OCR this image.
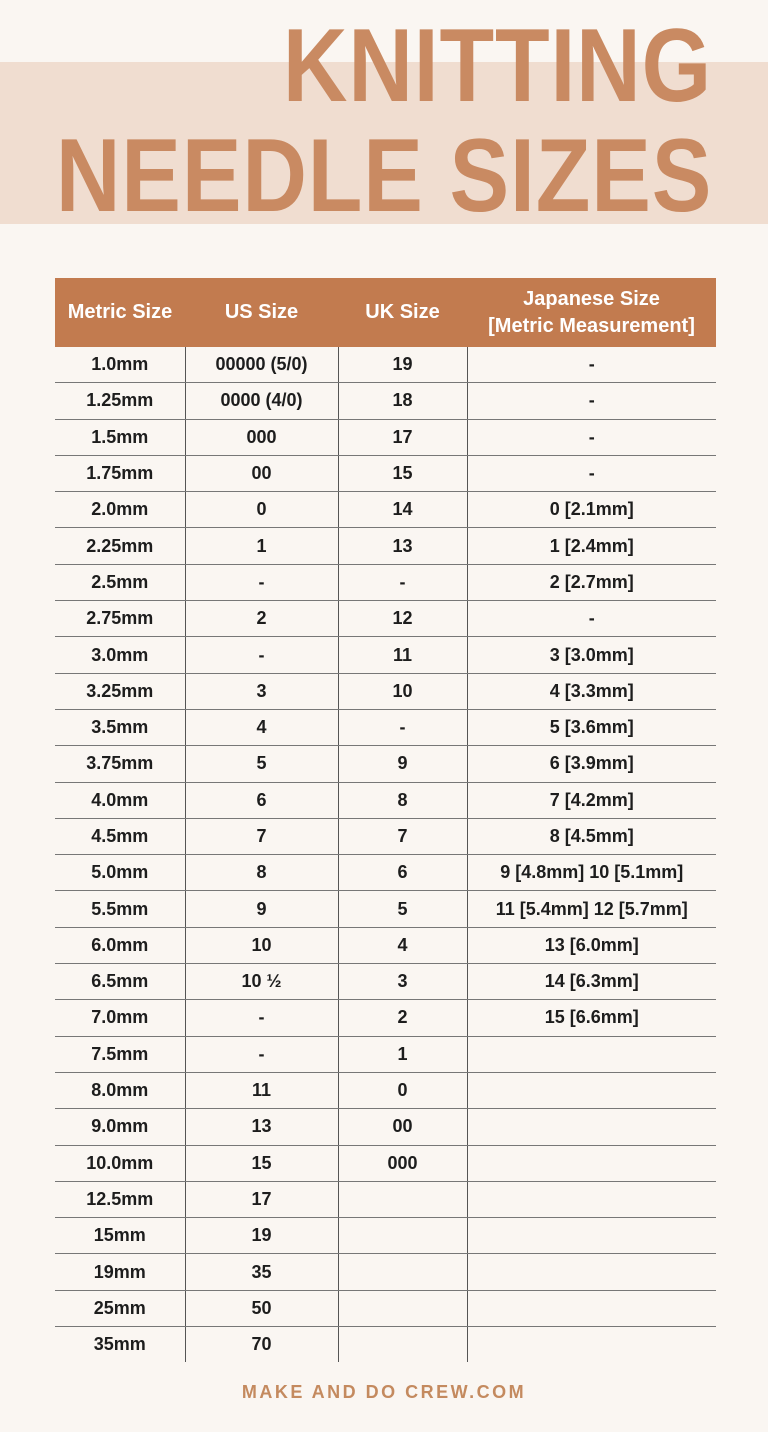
KNITTING
NEEDLE SIZES
Metric Size	US Size	UK Size	Japanese Size
[Metric Measurement]
1.0mm	00000 (5/0)	19	-
1.25mm	0000 (4/0)	18	-
1.5mm	000	17	-
1.75mm	00	15	-
2.0mm	0	14	0 [2.1mm]
2.25mm	1	13	1 [2.4mm]
2.5mm	-	-	2 [2.7mm]
2.75mm	2	12	-
3.0mm	-	11	3 [3.0mm]
3.25mm	3	10	4 [3.3mm]
3.5mm	4	-	5 [3.6mm]
3.75mm	5	9	6 [3.9mm]
4.0mm	6	8	7 [4.2mm]
4.5mm	7	7	8 [4.5mm]
5.0mm	8	6	9 [4.8mm] 10 [5.1mm]
5.5mm	9	5	11 [5.4mm] 12 [5.7mm]
6.0mm	10	4	13 [6.0mm]
6.5mm	10 ½	3	14 [6.3mm]
7.0mm	-	2	15 [6.6mm]
7.5mm	-	1	
8.0mm	11	0	
9.0mm	13	00	
10.0mm	15	000	
12.5mm	17		
15mm	19		
19mm	35		
25mm	50		
35mm	70		
MAKE AND DO CREW.COM
